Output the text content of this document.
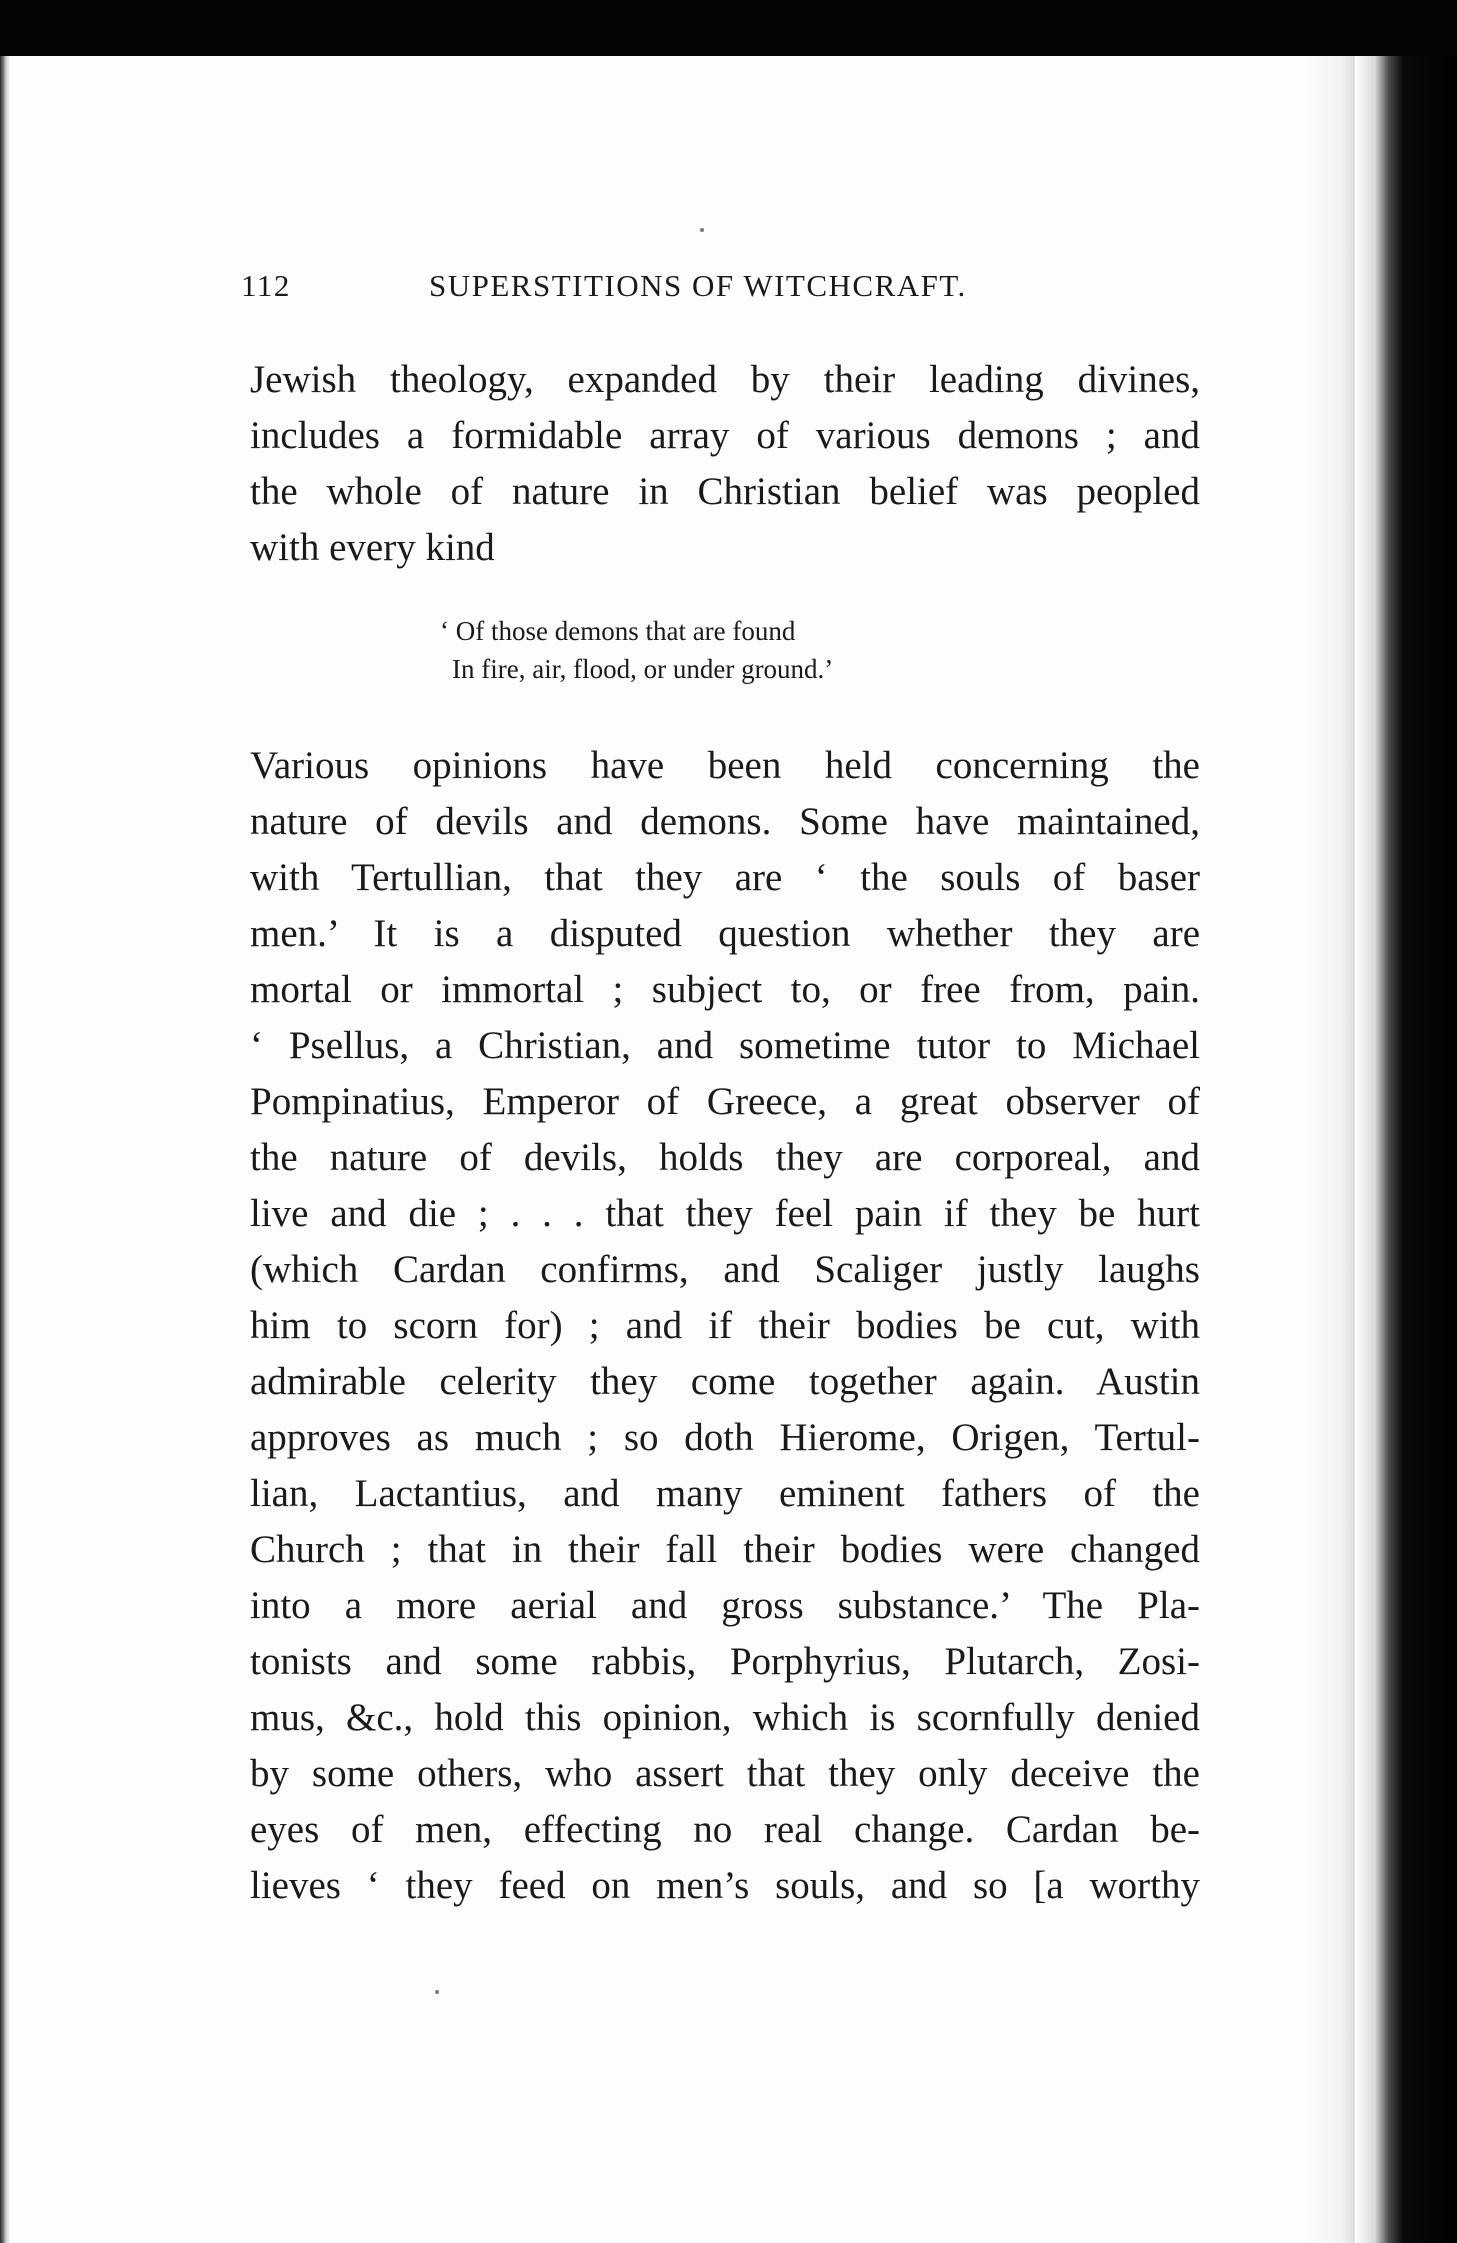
112	SUPERSTITIONS OF WITCHCRAFT.
Jewish theology, expanded by their leading divines,
includes a formidable array of various demons ; and
the whole of nature in Christian belief was peopled
with every kind
‘ Of those demons that are found
In fire, air, flood, or under ground.’
Various opinions have been held concerning the
nature of devils and demons. Some have maintained,
with Tertullian, that they are ‘ the souls of baser
men.’ It is a disputed question whether they are
mortal or immortal ; subject to, or free from, pain.
‘ Psellus, a Christian, and sometime tutor to Michael
Pompinatius, Emperor of Greece, a great observer of
the nature of devils, holds they are corporeal, and
live and die ; . . . that they feel pain if they be hurt
(which Cardan confirms, and Scaliger justly laughs
him to scorn for) ; and if their bodies be cut, with
admirable celerity they come together again. Austin
approves as much ; so doth Hierome, Origen, Tertul-
lian, Lactantius, and many eminent fathers of the
Church ; that in their fall their bodies were changed
into a more aerial and gross substance.’ The Pla-
tonists and some rabbis, Porphyrius, Plutarch, Zosi-
mus, &c., hold this opinion, which is scornfully denied
by some others, who assert that they only deceive the
eyes of men, effecting no real change. Cardan be-
lieves ‘ they feed on men’s souls, and so [a worthy
